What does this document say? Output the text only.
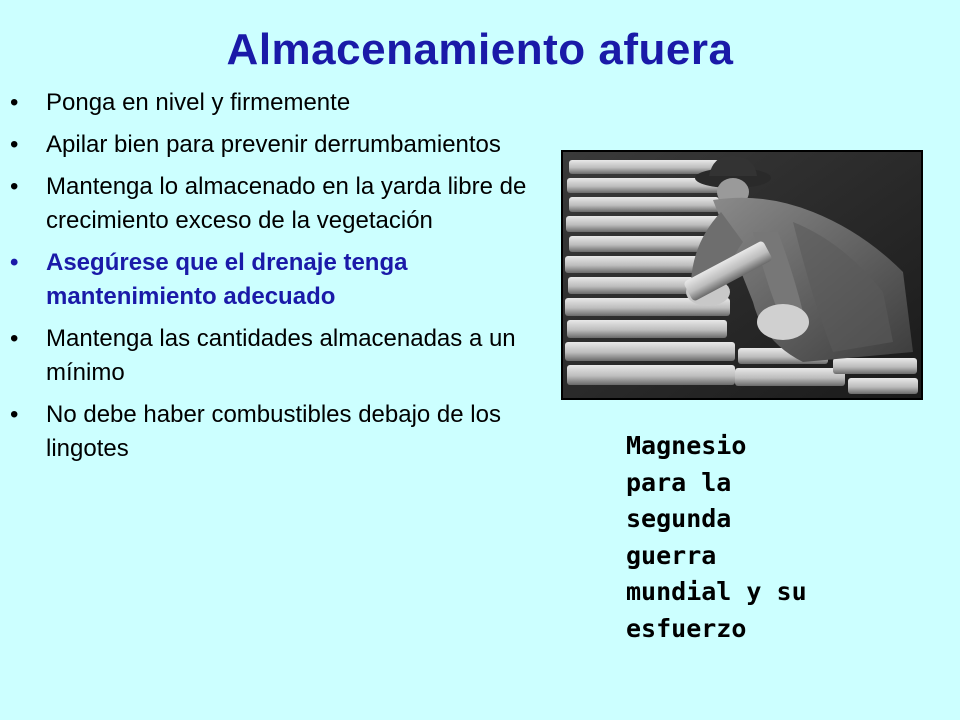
Almacenamiento afuera
• Ponga en nivel y firmemente
• Apilar bien para prevenir derrumbamientos
• Mantenga lo almacenado en la yarda libre de crecimiento exceso de la vegetación
• Asegúrese que el drenaje tenga mantenimiento adecuado
• Mantenga las cantidades almacenadas a un mínimo
• No debe haber combustibles debajo de los lingotes	Magnesio
para la
segunda
guerra
mundial y su
esfuerzo
